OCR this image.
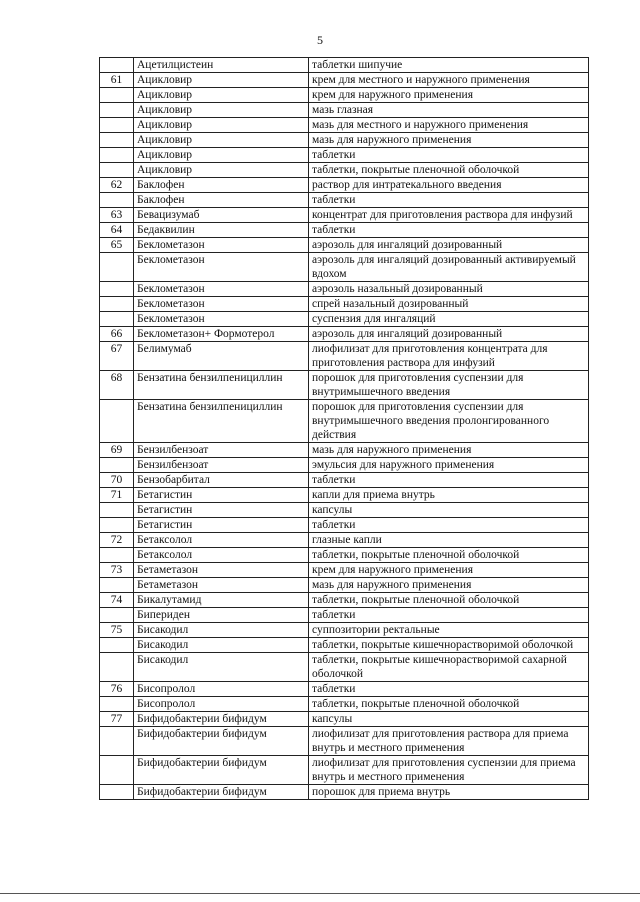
5
	Ацетилцистеин	таблетки шипучие
61	Ацикловир	крем для местного и наружного применения
	Ацикловир	крем для наружного применения
	Ацикловир	мазь глазная
	Ацикловир	мазь для местного и наружного применения
	Ацикловир	мазь для наружного применения
	Ацикловир	таблетки
	Ацикловир	таблетки, покрытые пленочной оболочкой
62	Баклофен	раствор для интратекального введения
	Баклофен	таблетки
63	Бевацизумаб	концентрат для приготовления раствора для инфузий
64	Бедаквилин	таблетки
65	Беклометазон	аэрозоль для ингаляций дозированный
	Беклометазон	аэрозоль для ингаляций дозированный активируемый вдохом
	Беклометазон	аэрозоль назальный дозированный
	Беклометазон	спрей назальный дозированный
	Беклометазон	суспензия для ингаляций
66	Беклометазон+ Формотерол	аэрозоль для ингаляций дозированный
67	Белимумаб	лиофилизат для приготовления концентрата для приготовления раствора для инфузий
68	Бензатина бензилпенициллин	порошок для приготовления суспензии для внутримышечного введения
	Бензатина бензилпенициллин	порошок для приготовления суспензии для внутримышечного введения пролонгированного действия
69	Бензилбензоат	мазь для наружного применения
	Бензилбензоат	эмульсия для наружного применения
70	Бензобарбитал	таблетки
71	Бетагистин	капли для приема внутрь
	Бетагистин	капсулы
	Бетагистин	таблетки
72	Бетаксолол	глазные капли
	Бетаксолол	таблетки, покрытые пленочной оболочкой
73	Бетаметазон	крем для наружного применения
	Бетаметазон	мазь для наружного применения
74	Бикалутамид	таблетки, покрытые пленочной оболочкой
	Бипериден	таблетки
75	Бисакодил	суппозитории ректальные
	Бисакодил	таблетки, покрытые кишечнорастворимой оболочкой
	Бисакодил	таблетки, покрытые кишечнорастворимой сахарной оболочкой
76	Бисопролол	таблетки
	Бисопролол	таблетки, покрытые пленочной оболочкой
77	Бифидобактерии бифидум	капсулы
	Бифидобактерии бифидум	лиофилизат для приготовления раствора для приема внутрь и местного применения
	Бифидобактерии бифидум	лиофилизат для приготовления суспензии для приема внутрь и местного применения
	Бифидобактерии бифидум	порошок для приема внутрь
